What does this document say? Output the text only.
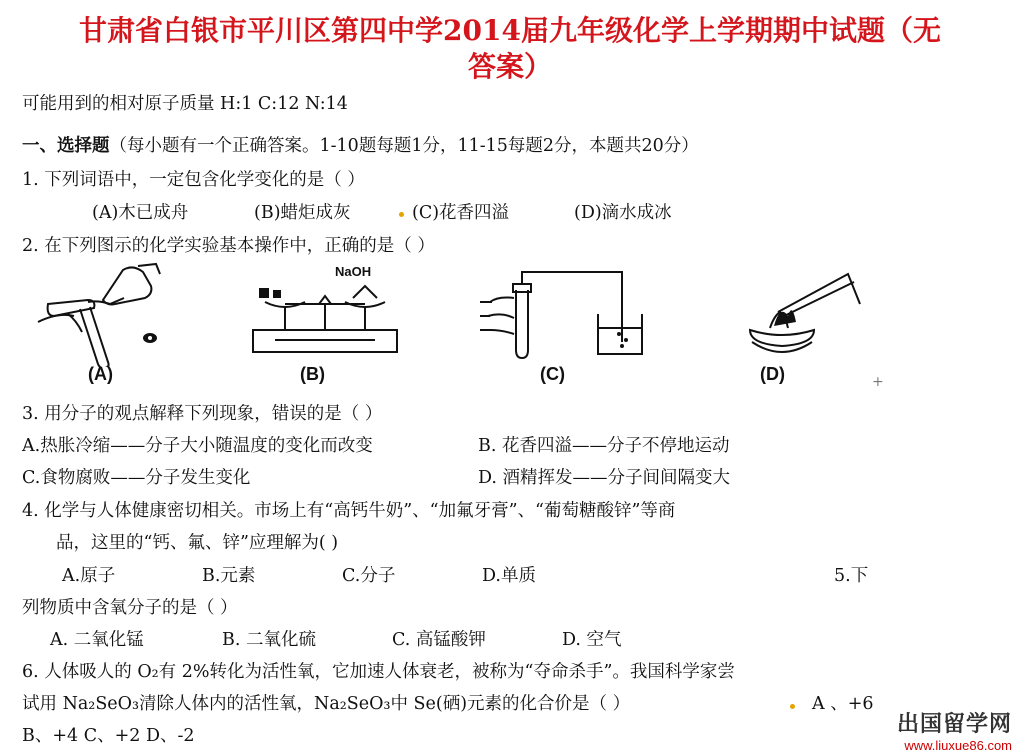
甘肃省白银市平川区第四中学2014届九年级化学上学期期中试题（无
答案）
可能用到的相对原子质量 H:1 C:12 N:14
一、选择题（每小题有一个正确答案。1-10题每题1分，11-15每题2分，本题共20分）
1. 下列词语中，一定包含化学变化的是（ ）
(A)木已成舟	(B)蜡炬成灰	(C)花香四溢	(D)滴水成冰
2. 在下列图示的化学实验基本操作中，正确的是（ ）
(A)
NaOH
(B)	(C)	(D)	+
3. 用分子的观点解释下列现象，错误的是（ ）
A.热胀冷缩——分子大小随温度的变化而改变	B. 花香四溢——分子不停地运动
C.食物腐败——分子发生变化	D. 酒精挥发——分子间间隔变大
4. 化学与人体健康密切相关。市场上有“高钙牛奶”、“加氟牙膏”、“葡萄糖酸锌”等商
品，这里的“钙、氟、锌”应理解为( )
A.原子	B.元素	C.分子	D.单质	5.下
列物质中含氧分子的是（ ）
A. 二氧化锰	B. 二氧化硫	C. 高锰酸钾	D. 空气
6. 人体吸人的 O₂有 2%转化为活性氧，它加速人体衰老，被称为“夺命杀手”。我国科学家尝
试用 Na₂SeO₃清除人体内的活性氧，Na₂SeO₃中 Se(硒)元素的化合价是（ ）	A 、+6
B、+4 C、+2 D、-2	出国留学网
www.liuxue86.com
